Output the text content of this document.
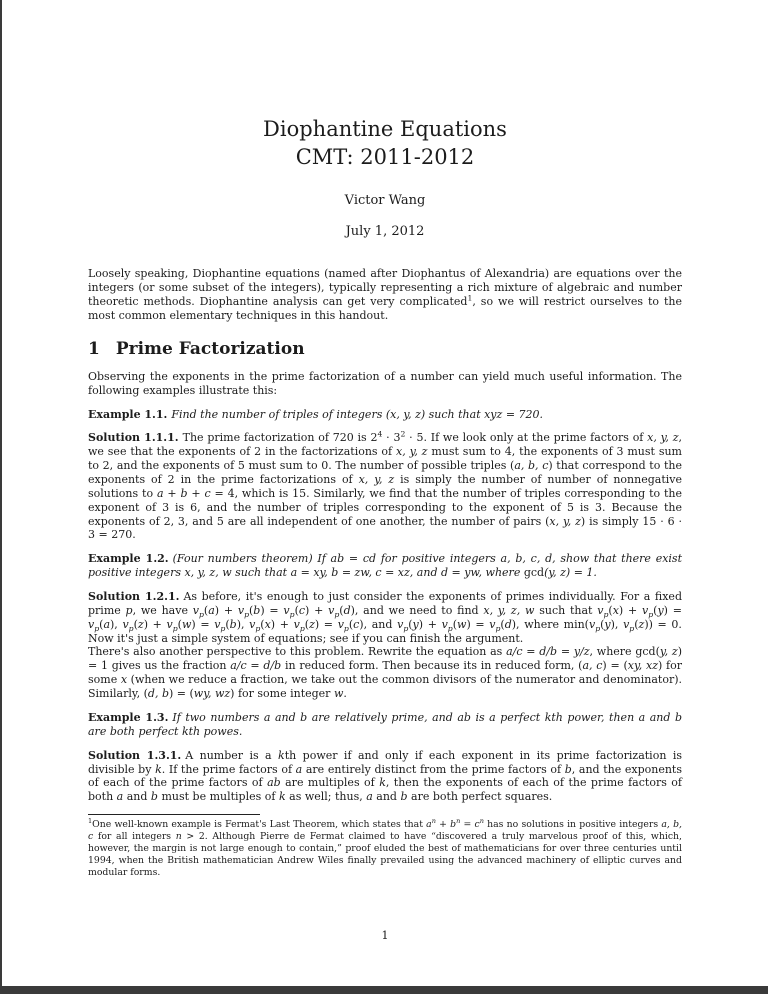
Diophantine Equations
CMT: 2011-2012
Victor Wang
July 1, 2012

Loosely speaking, Diophantine equations (named after Diophantus of Alexandria) are equations over the integers (or some subset of the integers), typically representing a rich mixture of algebraic and number theoretic methods. Diophantine analysis can get very complicated$^1$, so we will restrict ourselves to the most common elementary techniques in this handout.

1 Prime Factorization

Observing the exponents in the prime factorization of a number can yield much useful information. The following examples illustrate this:

Example 1.1. Find the number of triples of integers (x, y, z) such that xyz = 720.

Solution 1.1.1. The prime factorization of 720 is $2^4 \cdot 3^2 \cdot 5$. If we look only at the prime factors of x, y, z, we see that the exponents of 2 in the factorizations of x, y, z must sum to 4, the exponents of 3 must sum to 2, and the exponents of 5 must sum to 0. The number of possible triples (a, b, c) that correspond to the exponents of 2 in the prime factorizations of x, y, z is simply the number of number of nonnegative solutions to a + b + c = 4, which is 15. Similarly, we find that the number of triples corresponding to the exponent of 3 is 6, and the number of triples corresponding to the exponent of 5 is 3. Because the exponents of 2, 3, and 5 are all independent of one another, the number of pairs (x, y, z) is simply 15 · 6 · 3 = 270.

Example 1.2. (Four numbers theorem) If ab = cd for positive integers a, b, c, d, show that there exist positive integers x, y, z, w such that a = xy, b = zw, c = xz, and d = yw, where gcd(y, z) = 1.

Solution 1.2.1. As before, it's enough to just consider the exponents of primes individually. For a fixed prime p, we have $v_p(a) + v_p(b) = v_p(c) + v_p(d)$, and we need to find x, y, z, w such that $v_p(x) + v_p(y) = v_p(a)$, $v_p(z) + v_p(w) = v_p(b)$, $v_p(x) + v_p(z) = v_p(c)$, and $v_p(y) + v_p(w) = v_p(d)$, where $\min(v_p(y)$, $v_p(z)) = 0$. Now it's just a simple system of equations; see if you can finish the argument.
There's also another perspective to this problem. Rewrite the equation as a/c = d/b = y/z, where gcd(y, z) = 1 gives us the fraction a/c = d/b in reduced form. Then because its in reduced form, (a, c) = (xy, xz) for some x (when we reduce a fraction, we take out the common divisors of the numerator and denominator). Similarly, (d, b) = (wy, wz) for some integer w.

Example 1.3. If two numbers a and b are relatively prime, and ab is a perfect kth power, then a and b are both perfect kth powes.

Solution 1.3.1. A number is a kth power if and only if each exponent in its prime factorization is divisible by k. If the prime factors of a are entirely distinct from the prime factors of b, and the exponents of each of the prime factors of ab are multiples of k, then the exponents of each of the prime factors of both a and b must be multiples of k as well; thus, a and b are both perfect squares.

$^1$One well-known example is Fermat's Last Theorem, which states that $a^n + b^n = c^n$ has no solutions in positive integers a, b, c for all integers n > 2. Although Pierre de Fermat claimed to have “discovered a truly marvelous proof of this, which, however, the margin is not large enough to contain,” proof eluded the best of mathematicians for over three centuries until 1994, when the British mathematician Andrew Wiles finally prevailed using the advanced machinery of elliptic curves and modular forms.

1
